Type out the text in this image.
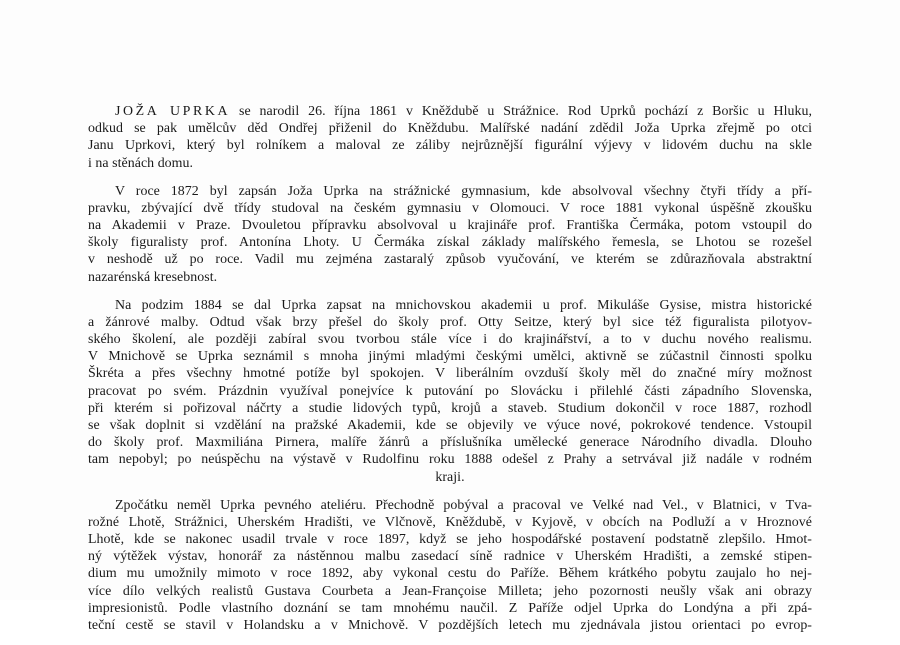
JOŽA UPRKA se narodil 26. října 1861 v Kněždubě u Strážnice. Rod Uprků pochází z Boršic u Hluku,
odkud se pak umělcův děd Ondřej přiženil do Kněždubu. Malířské nadání zdědil Joža Uprka zřejmě po otci
Janu Uprkovi, který byl rolníkem a maloval ze záliby nejrůznější figurální výjevy v lidovém duchu na skle
i na stěnách domu.
V roce 1872 byl zapsán Joža Uprka na strážnické gymnasium, kde absolvoval všechny čtyři třídy a pří-
pravku, zbývající dvě třídy studoval na českém gymnasiu v Olomouci. V roce 1881 vykonal úspěšně zkoušku
na Akademii v Praze. Dvouletou přípravku absolvoval u krajináře prof. Františka Čermáka, potom vstoupil do
školy figuralisty prof. Antonína Lhoty. U Čermáka získal základy malířského řemesla, se Lhotou se rozešel
v neshodě už po roce. Vadil mu zejména zastaralý způsob vyučování, ve kterém se zdůrazňovala abstraktní
nazarénská kresebnost.
Na podzim 1884 se dal Uprka zapsat na mnichovskou akademii u prof. Mikuláše Gysise, mistra historické
a žánrové malby. Odtud však brzy přešel do školy prof. Otty Seitze, který byl sice též figuralista pilotyov-
ského školení, ale později zabíral svou tvorbou stále více i do krajinářství, a to v duchu nového realismu.
V Mnichově se Uprka seznámil s mnoha jinými mladými českými umělci, aktivně se zúčastnil činnosti spolku
Škréta a přes všechny hmotné potíže byl spokojen. V liberálním ovzduší školy měl do značné míry možnost
pracovat po svém. Prázdnin využíval ponejvíce k putování po Slovácku i přilehlé části západního Slovenska,
při kterém si pořizoval náčrty a studie lidových typů, krojů a staveb. Studium dokončil v roce 1887, rozhodl
se však doplnit si vzdělání na pražské Akademii, kde se objevily ve výuce nové, pokrokové tendence. Vstoupil
do školy prof. Maxmiliána Pirnera, malíře žánrů a příslušníka umělecké generace Národního divadla. Dlouho
tam nepobyl; po neúspěchu na výstavě v Rudolfinu roku 1888 odešel z Prahy a setrvával již nadále v rodném
kraji.
Zpočátku neměl Uprka pevného ateliéru. Přechodně pobýval a pracoval ve Velké nad Vel., v Blatnici, v Tva-
rožné Lhotě, Strážnici, Uherském Hradišti, ve Vlčnově, Kněždubě, v Kyjově, v obcích na Podluží a v Hroznové
Lhotě, kde se nakonec usadil trvale v roce 1897, když se jeho hospodářské postavení podstatně zlepšilo. Hmot-
ný výtěžek výstav, honorář za nástěnnou malbu zasedací síně radnice v Uherském Hradišti, a zemské stipen-
dium mu umožnily mimoto v roce 1892, aby vykonal cestu do Paříže. Během krátkého pobytu zaujalo ho nej-
více dílo velkých realistů Gustava Courbeta a Jean-Françoise Milleta; jeho pozornosti neušly však ani obrazy
impresionistů. Podle vlastního doznání se tam mnohému naučil. Z Paříže odjel Uprka do Londýna a při zpá-
teční cestě se stavil v Holandsku a v Mnichově. V pozdějších letech mu zjednávala jistou orientaci po evrop-
